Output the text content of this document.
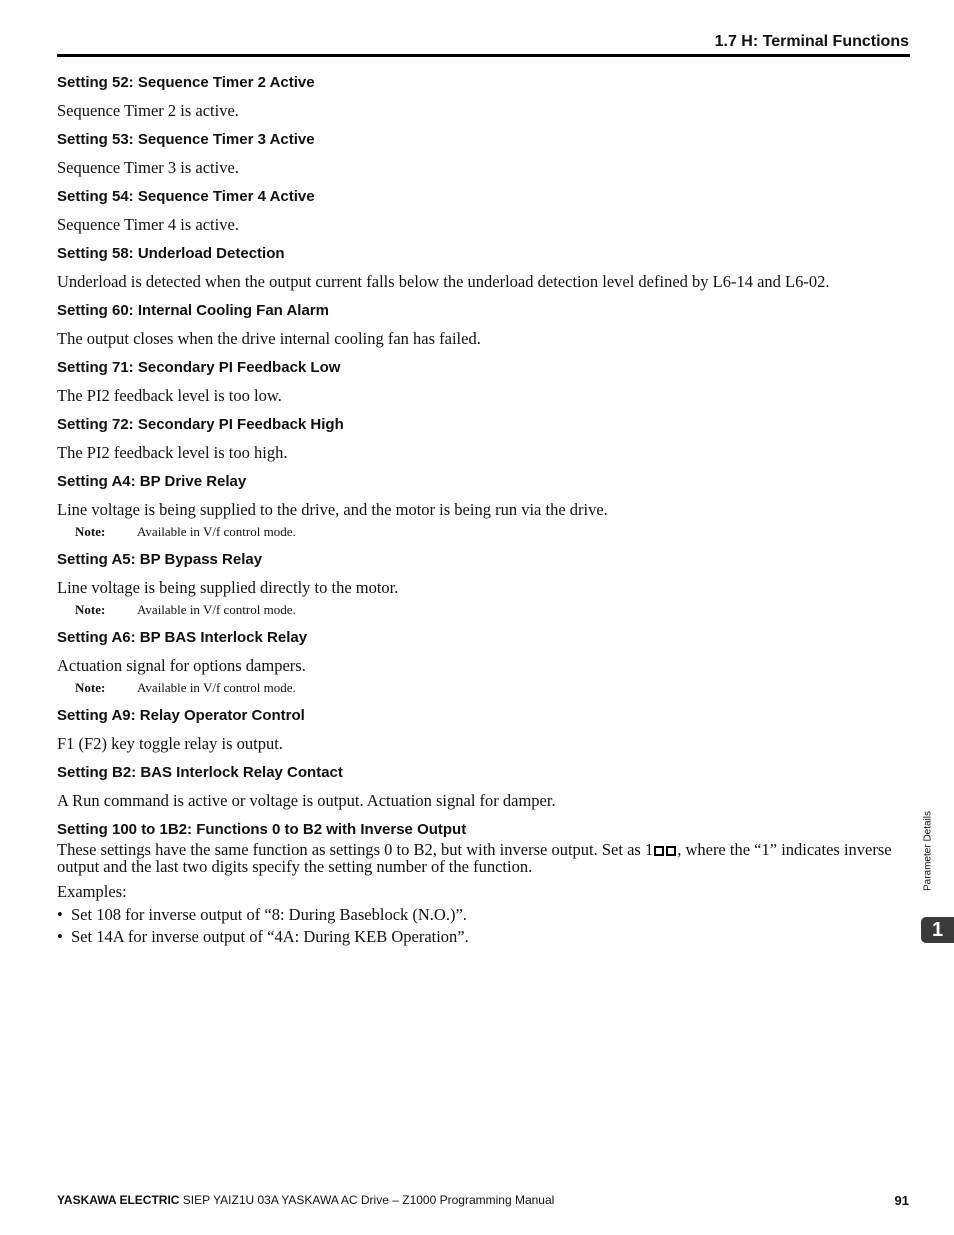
1.7 H: Terminal Functions
Setting 52: Sequence Timer 2 Active

Sequence Timer 2 is active.

Setting 53: Sequence Timer 3 Active

Sequence Timer 3 is active.

Setting 54: Sequence Timer 4 Active

Sequence Timer 4 is active.

Setting 58: Underload Detection

Underload is detected when the output current falls below the underload detection level defined by L6-14 and L6-02.

Setting 60: Internal Cooling Fan Alarm

The output closes when the drive internal cooling fan has failed.

Setting 71: Secondary PI Feedback Low

The PI2 feedback level is too low.

Setting 72: Secondary PI Feedback High

The PI2 feedback level is too high.

Setting A4: BP Drive Relay

Line voltage is being supplied to the drive, and the motor is being run via the drive.

Note:	Available in V/f control mode.
Setting A5: BP Bypass Relay

Line voltage is being supplied directly to the motor.

Note:	Available in V/f control mode.
Setting A6: BP BAS Interlock Relay

Actuation signal for options dampers.

Note:	Available in V/f control mode.
Setting A9: Relay Operator Control

F1 (F2) key toggle relay is output.

Setting B2: BAS Interlock Relay Contact

A Run command is active or voltage is output. Actuation signal for damper.

Setting 100 to 1B2: Functions 0 to B2 with Inverse Output

These settings have the same function as settings 0 to B2, but with inverse output. Set as 1 , where the “1” indicates inverse output and the last two digits specify the setting number of the function.

Examples:

• Set 108 for inverse output of “8: During Baseblock (N.O.)”.
• Set 14A for inverse output of “4A: During KEB Operation”.
Parameter Details
1
YASKAWA ELECTRIC SIEP YAIZ1U 03A YASKAWA AC Drive – Z1000 Programming Manual	91
